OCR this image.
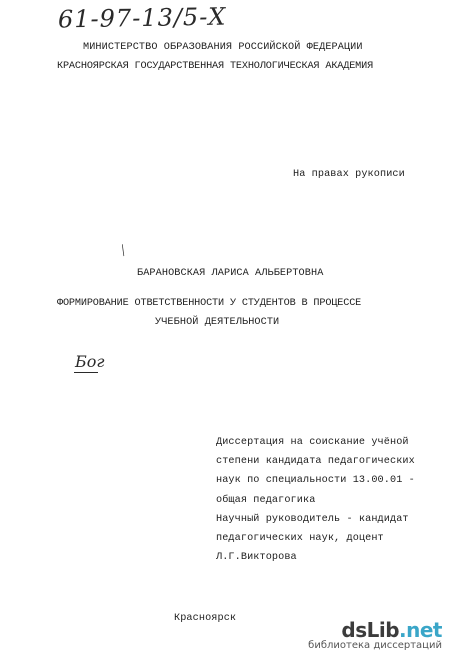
61-97-13/5-Х
МИНИСТЕРСТВО ОБРАЗОВАНИЯ РОССИЙСКОЙ ФЕДЕРАЦИИ
КРАСНОЯРСКАЯ ГОСУДАРСТВЕННАЯ ТЕХНОЛОГИЧЕСКАЯ АКАДЕМИЯ
На правах рукописи
╱
БАРАНОВСКАЯ ЛАРИСА АЛЬБЕРТОВНА
ФОРМИРОВАНИЕ ОТВЕТСТВЕННОСТИ У СТУДЕНТОВ В ПРОЦЕССЕ
УЧЕБНОЙ ДЕЯТЕЛЬНОСТИ
Бoг
Диссертация на соискание учёной
степени кандидата педагогических
наук по специальности 13.00.01 -
общая педагогика
Научный руководитель - кандидат
педагогических наук, доцент
Л.Г.Викторова
Красноярск	dsLib.net
библиотека диссертаций
